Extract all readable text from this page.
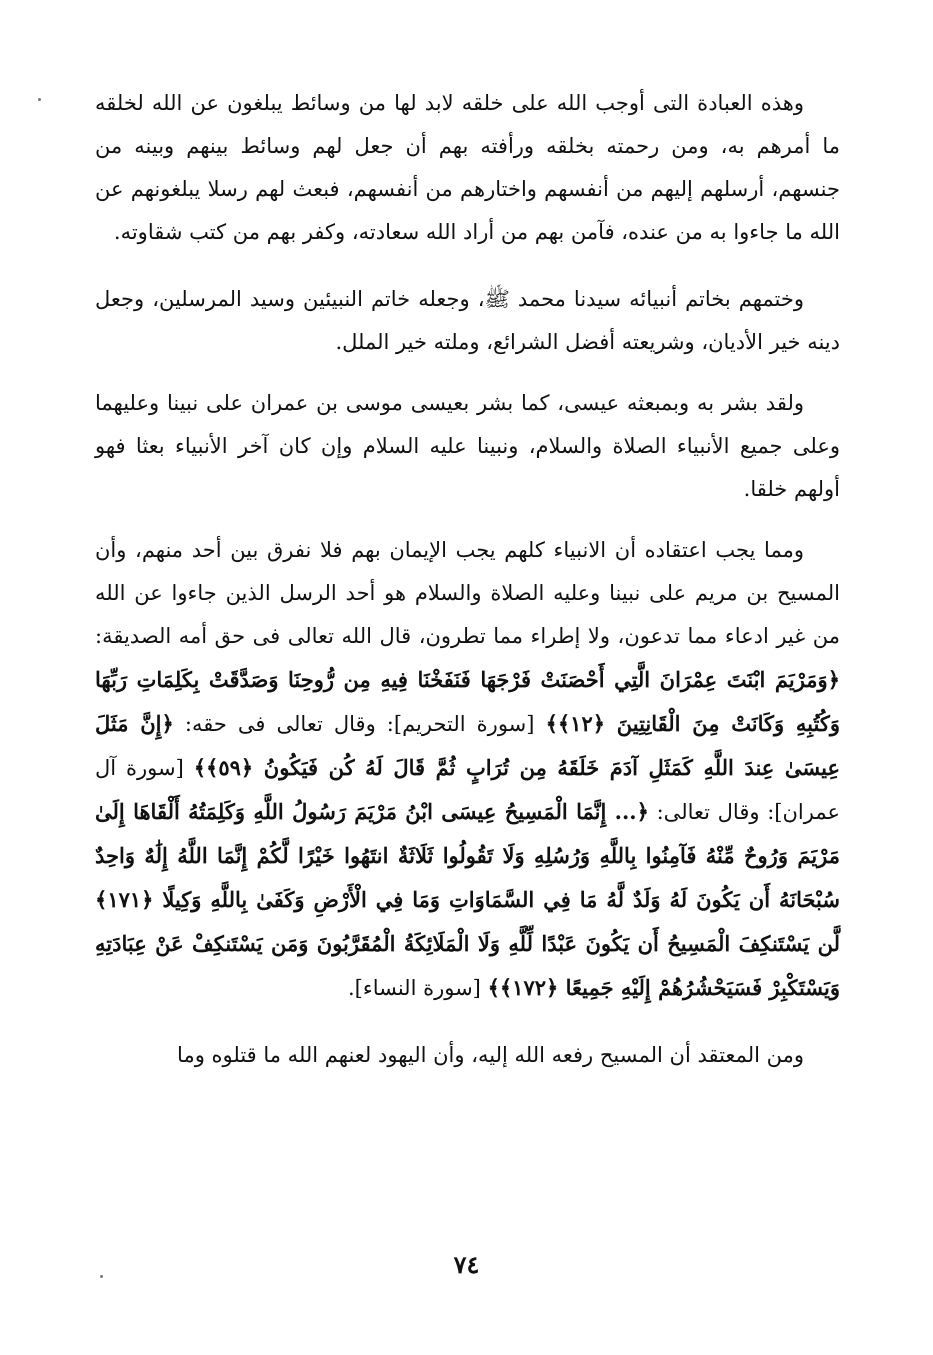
وهذه العبادة التى أوجب الله على خلقه لابد لها من وسائط يبلغون عن الله لخلقه ما أمرهم به، ومن رحمته بخلقه ورأفته بهم أن جعل لهم وسائط بينهم وبينه من جنسهم، أرسلهم إليهم من أنفسهم واختارهم من أنفسهم، فبعث لهم رسلا يبلغونهم عن الله ما جاءوا به من عنده، فآمن بهم من أراد الله سعادته، وكفر بهم من كتب شقاوته.

وختمهم بخاتم أنبيائه سيدنا محمد ﷺ، وجعله خاتم النبيئين وسيد المرسلين، وجعل دينه خير الأديان، وشريعته أفضل الشرائع، وملته خير الملل.

ولقد بشر به وبمبعثه عيسى، كما بشر بعيسى موسى بن عمران على نبينا وعليهما وعلى جميع الأنبياء الصلاة والسلام، ونبينا عليه السلام وإن كان آخر الأنبياء بعثا فهو أولهم خلقا.

ومما يجب اعتقاده أن الانبياء كلهم يجب الإيمان بهم فلا نفرق بين أحد منهم، وأن المسيح بن مريم على نبينا وعليه الصلاة والسلام هو أحد الرسل الذين جاءوا عن الله من غير ادعاء مما تدعون، ولا إطراء مما تطرون، قال الله تعالى فى حق أمه الصديقة: ﴿وَمَرْيَمَ ابْنَتَ عِمْرَانَ الَّتِي أَحْصَنَتْ فَرْجَهَا فَنَفَخْنَا فِيهِ مِن رُّوحِنَا وَصَدَّقَتْ بِكَلِمَاتِ رَبِّهَا وَكُتُبِهِ وَكَانَتْ مِنَ الْقَانِتِينَ ﴿١٢﴾﴾ [سورة التحريم]: وقال تعالى فى حقه: ﴿إِنَّ مَثَلَ عِيسَىٰ عِندَ اللَّهِ كَمَثَلِ آدَمَ خَلَقَهُ مِن تُرَابٍ ثُمَّ قَالَ لَهُ كُن فَيَكُونُ ﴿٥٩﴾﴾ [سورة آل عمران]: وقال تعالى: ﴿... إِنَّمَا الْمَسِيحُ عِيسَى ابْنُ مَرْيَمَ رَسُولُ اللَّهِ وَكَلِمَتُهُ أَلْقَاهَا إِلَىٰ مَرْيَمَ وَرُوحٌ مِّنْهُ فَآمِنُوا بِاللَّهِ وَرُسُلِهِ وَلَا تَقُولُوا ثَلَاثَةٌ انتَهُوا خَيْرًا لَّكُمْ إِنَّمَا اللَّهُ إِلَٰهٌ وَاحِدٌ سُبْحَانَهُ أَن يَكُونَ لَهُ وَلَدٌ لَّهُ مَا فِي السَّمَاوَاتِ وَمَا فِي الْأَرْضِ وَكَفَىٰ بِاللَّهِ وَكِيلًا ﴿١٧١﴾ لَّن يَسْتَنكِفَ الْمَسِيحُ أَن يَكُونَ عَبْدًا لِّلَّهِ وَلَا الْمَلَائِكَةُ الْمُقَرَّبُونَ وَمَن يَسْتَنكِفْ عَنْ عِبَادَتِهِ وَيَسْتَكْبِرْ فَسَيَحْشُرُهُمْ إِلَيْهِ جَمِيعًا ﴿١٧٢﴾﴾ [سورة النساء].

ومن المعتقد أن المسيح رفعه الله إليه، وأن اليهود لعنهم الله ما قتلوه وما

٧٤
